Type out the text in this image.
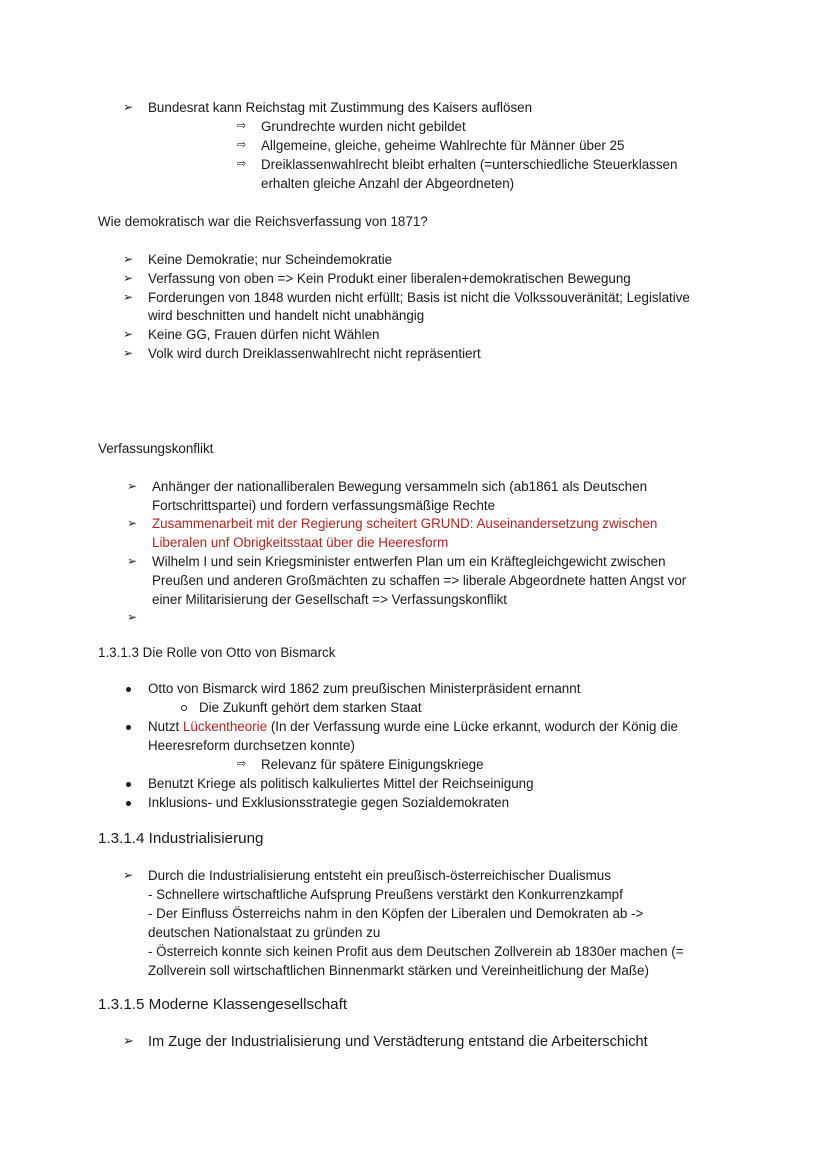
➢ Bundesrat kann Reichstag mit Zustimmung des Kaisers auflösen
⇨ Grundrechte wurden nicht gebildet
⇨ Allgemeine, gleiche, geheime Wahlrechte für Männer über 25
⇨ Dreiklassenwahlrecht bleibt erhalten (=unterschiedliche Steuerklassen
erhalten gleiche Anzahl der Abgeordneten)
Wie demokratisch war die Reichsverfassung von 1871?
➢ Keine Demokratie; nur Scheindemokratie
➢ Verfassung von oben => Kein Produkt einer liberalen+demokratischen Bewegung
➢ Forderungen von 1848 wurden nicht erfüllt; Basis ist nicht die Volkssouveränität; Legislative
wird beschnitten und handelt nicht unabhängig
➢ Keine GG, Frauen dürfen nicht Wählen
➢ Volk wird durch Dreiklassenwahlrecht nicht repräsentiert
Verfassungskonflikt
➢ Anhänger der nationalliberalen Bewegung versammeln sich (ab1861 als Deutschen
Fortschrittspartei) und fordern verfassungsmäßige Rechte
➢ Zusammenarbeit mit der Regierung scheitert GRUND: Auseinandersetzung zwischen
Liberalen unf Obrigkeitsstaat über die Heeresform
➢ Wilhelm I und sein Kriegsminister entwerfen Plan um ein Kräftegleichgewicht zwischen
Preußen und anderen Großmächten zu schaffen => liberale Abgeordnete hatten Angst vor
einer Militarisierung der Gesellschaft => Verfassungskonflikt
➢
1.3.1.3 Die Rolle von Otto von Bismarck
Otto von Bismarck wird 1862 zum preußischen Ministerpräsident ernannt
Die Zukunft gehört dem starken Staat
Nutzt Lückentheorie (In der Verfassung wurde eine Lücke erkannt, wodurch der König die
Heeresreform durchsetzen konnte)
⇨ Relevanz für spätere Einigungskriege
Benutzt Kriege als politisch kalkuliertes Mittel der Reichseinigung
Inklusions- und Exklusionsstrategie gegen Sozialdemokraten
1.3.1.4 Industrialisierung
➢ Durch die Industrialisierung entsteht ein preußisch-österreichischer Dualismus
- Schnellere wirtschaftliche Aufsprung Preußens verstärkt den Konkurrenzkampf
- Der Einfluss Österreichs nahm in den Köpfen der Liberalen und Demokraten ab ->
deutschen Nationalstaat zu gründen zu
- Österreich konnte sich keinen Profit aus dem Deutschen Zollverein ab 1830er machen (=
Zollverein soll wirtschaftlichen Binnenmarkt stärken und Vereinheitlichung der Maße)
1.3.1.5 Moderne Klassengesellschaft
➢ Im Zuge der Industrialisierung und Verstädterung entstand die Arbeiterschicht
